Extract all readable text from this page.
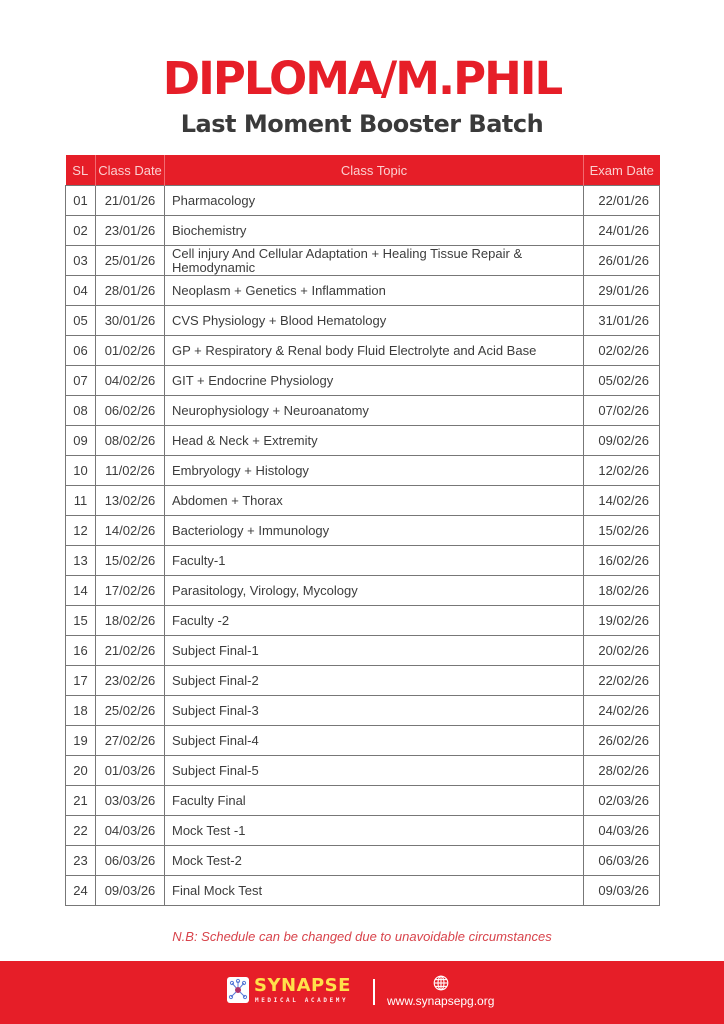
DIPLOMA/M.PHIL
Last Moment Booster Batch
SL	Class Date	Class Topic	Exam Date
01	21/01/26	Pharmacology	22/01/26
02	23/01/26	Biochemistry	24/01/26
03	25/01/26	Cell injury And Cellular Adaptation + Healing Tissue Repair & Hemodynamic	26/01/26
04	28/01/26	Neoplasm + Genetics + Inflammation	29/01/26
05	30/01/26	CVS Physiology + Blood Hematology	31/01/26
06	01/02/26	GP + Respiratory & Renal body Fluid Electrolyte and Acid Base	02/02/26
07	04/02/26	GIT + Endocrine Physiology	05/02/26
08	06/02/26	Neurophysiology + Neuroanatomy	07/02/26
09	08/02/26	Head & Neck + Extremity	09/02/26
10	11/02/26	Embryology + Histology	12/02/26
11	13/02/26	Abdomen + Thorax	14/02/26
12	14/02/26	Bacteriology + Immunology	15/02/26
13	15/02/26	Faculty-1	16/02/26
14	17/02/26	Parasitology, Virology, Mycology	18/02/26
15	18/02/26	Faculty -2	19/02/26
16	21/02/26	Subject Final-1	20/02/26
17	23/02/26	Subject Final-2	22/02/26
18	25/02/26	Subject Final-3	24/02/26
19	27/02/26	Subject Final-4	26/02/26
20	01/03/26	Subject Final-5	28/02/26
21	03/03/26	Faculty Final	02/03/26
22	04/03/26	Mock Test -1	04/03/26
23	06/03/26	Mock Test-2	06/03/26
24	09/03/26	Final Mock Test	09/03/26
N.B: Schedule can be changed due to unavoidable circumstances
SYNAPSE
MEDICAL ACADEMY	www.synapsepg.org
